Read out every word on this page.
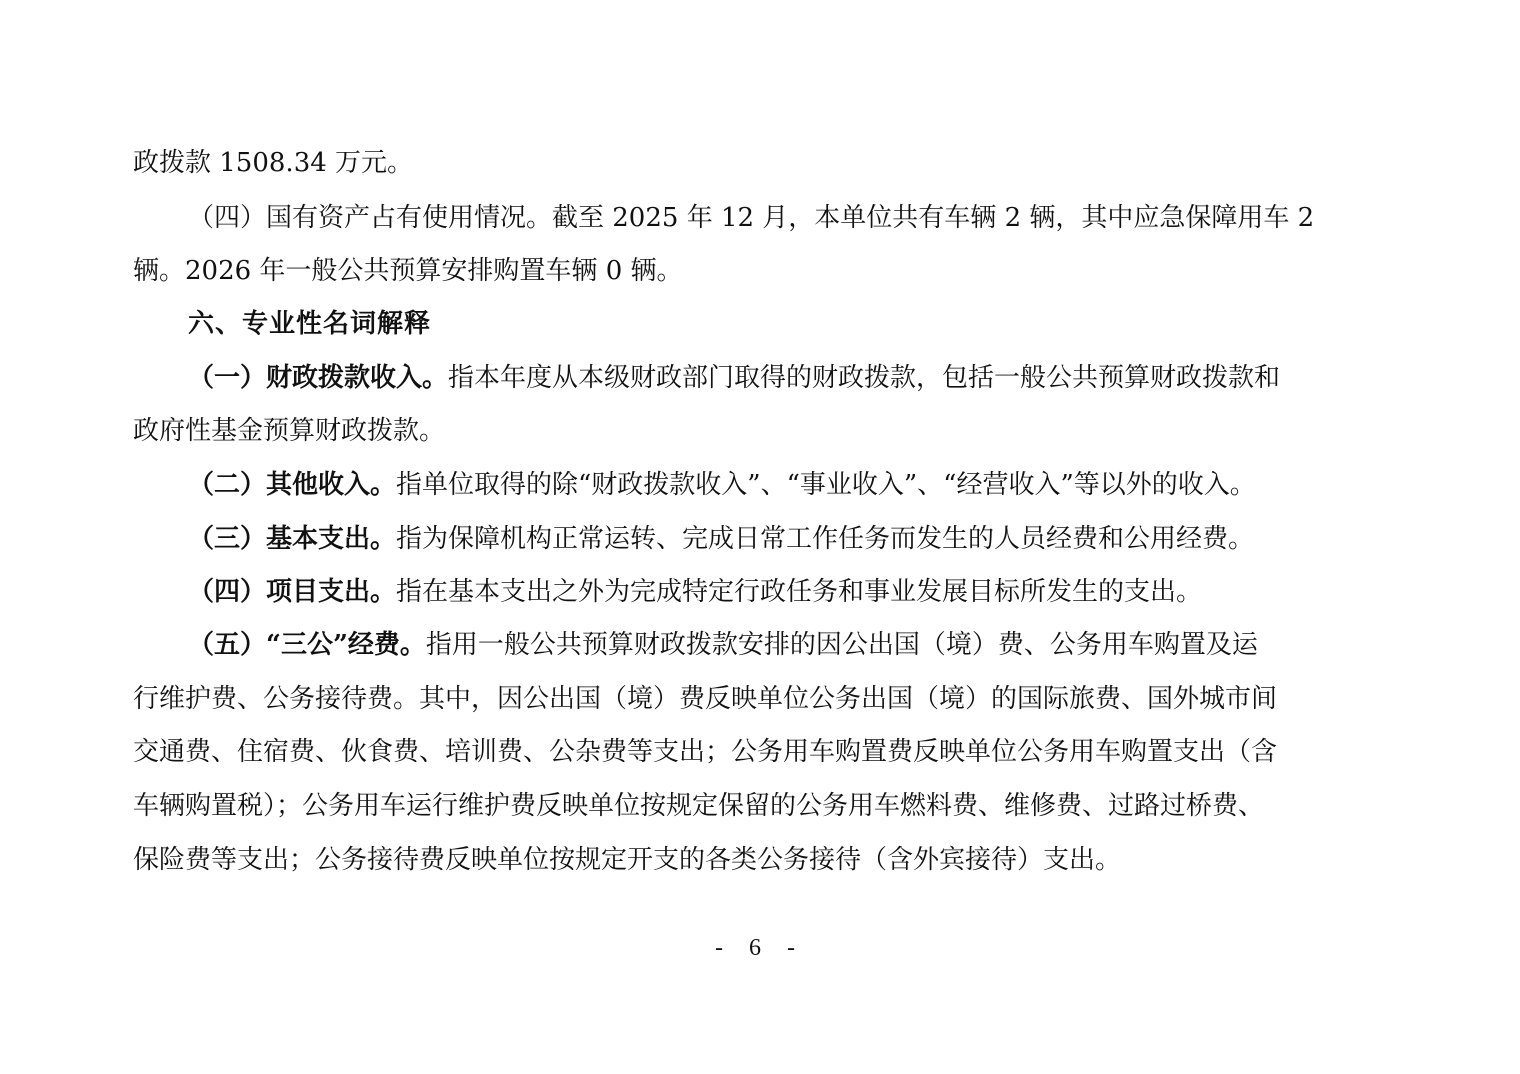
政拨款 1508.34 万元。
（四）国有资产占有使用情况。截至 2025 年 12 月，本单位共有车辆 2 辆，其中应急保障用车 2
辆。2026 年一般公共预算安排购置车辆 0 辆。
六、专业性名词解释
（一）财政拨款收入。指本年度从本级财政部门取得的财政拨款，包括一般公共预算财政拨款和
政府性基金预算财政拨款。
（二）其他收入。指单位取得的除“财政拨款收入”、“事业收入”、“经营收入”等以外的收入。
（三）基本支出。指为保障机构正常运转、完成日常工作任务而发生的人员经费和公用经费。
（四）项目支出。指在基本支出之外为完成特定行政任务和事业发展目标所发生的支出。
（五）“三公”经费。指用一般公共预算财政拨款安排的因公出国（境）费、公务用车购置及运
行维护费、公务接待费。其中，因公出国（境）费反映单位公务出国（境）的国际旅费、国外城市间
交通费、住宿费、伙食费、培训费、公杂费等支出；公务用车购置费反映单位公务用车购置支出（含
车辆购置税）；公务用车运行维护费反映单位按规定保留的公务用车燃料费、维修费、过路过桥费、
保险费等支出；公务接待费反映单位按规定开支的各类公务接待（含外宾接待）支出。
- 6 -
